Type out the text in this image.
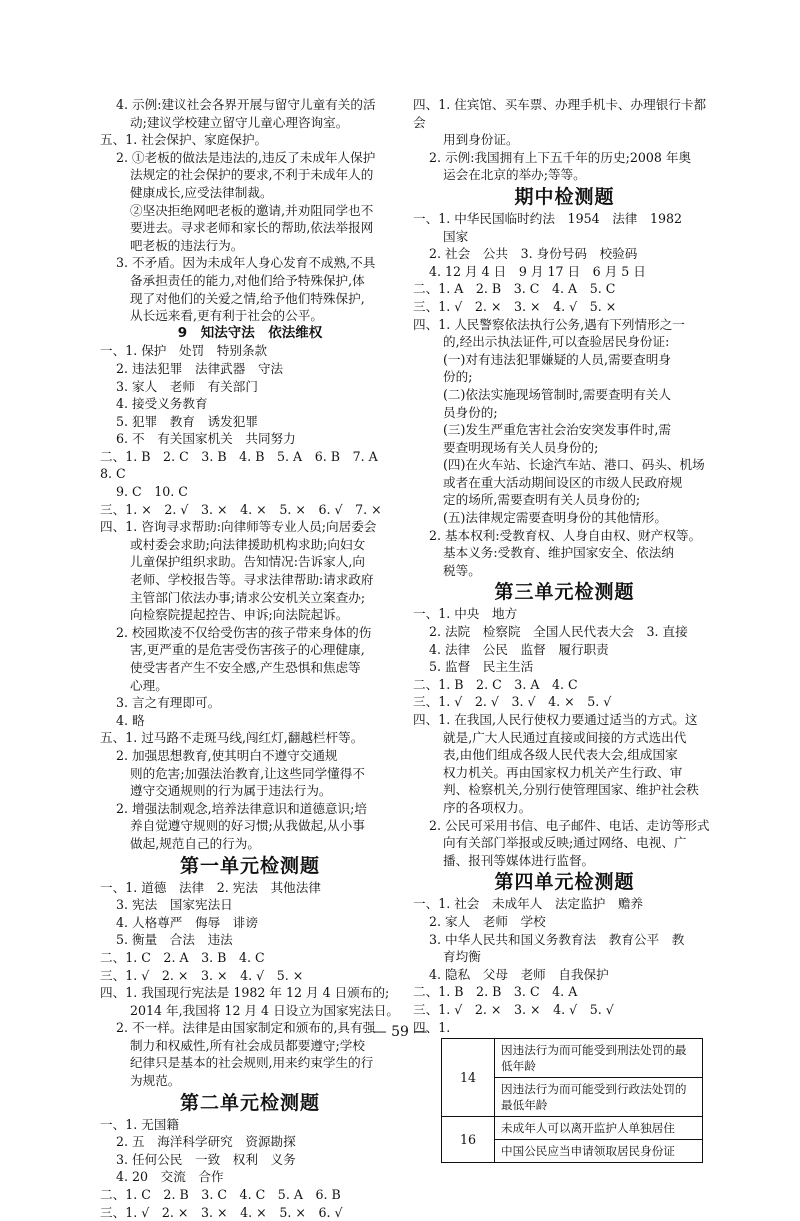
4. 示例:建议社会各界开展与留守儿童有关的活
动;建议学校建立留守儿童心理咨询室。
五、1. 社会保护、家庭保护。
2. ①老板的做法是违法的,违反了未成年人保护
法规定的社会保护的要求,不利于未成年人的
健康成长,应受法律制裁。
②坚决拒绝网吧老板的邀请,并劝阻同学也不
要进去。寻求老师和家长的帮助,依法举报网
吧老板的违法行为。
3. 不矛盾。因为未成年人身心发育不成熟,不具
备承担责任的能力,对他们给予特殊保护,体
现了对他们的关爱之情,给予他们特殊保护,
从长远来看,更有利于社会的公平。
9　知法守法　依法维权
一、1. 保护　处罚　特别条款
2. 违法犯罪　法律武器　守法
3. 家人　老师　有关部门
4. 接受义务教育
5. 犯罪　教育　诱发犯罪
6. 不　有关国家机关　共同努力
二、1. B　2. C　3. B　4. B　5. A　6. B　7. A　8. C
9. C　10. C
三、1. ×　2. √　3. ×　4. ×　5. ×　6. √　7. ×
四、1. 咨询寻求帮助:向律师等专业人员;向居委会
或村委会求助;向法律援助机构求助;向妇女
儿童保护组织求助。告知情况:告诉家人,向
老师、学校报告等。寻求法律帮助:请求政府
主管部门依法办事;请求公安机关立案查办;
向检察院提起控告、申诉;向法院起诉。
2. 校园欺凌不仅给受伤害的孩子带来身体的伤
害,更严重的是危害受伤害孩子的心理健康,
使受害者产生不安全感,产生恐惧和焦虑等
心理。
3. 言之有理即可。
4. 略
五、1. 过马路不走斑马线,闯红灯,翻越栏杆等。
2. 加强思想教育,使其明白不遵守交通规
则的危害;加强法治教育,让这些同学懂得不
遵守交通规则的行为属于违法行为。
2. 增强法制观念,培养法律意识和道德意识;培
养自觉遵守规则的好习惯;从我做起,从小事
做起,规范自己的行为。
第一单元检测题
一、1. 道德　法律　2. 宪法　其他法律
3. 宪法　国家宪法日
4. 人格尊严　侮辱　诽谤
5. 衡量　合法　违法
二、1. C　2. A　3. B　4. C
三、1. √　2. ×　3. ×　4. √　5. ×
四、1. 我国现行宪法是 1982 年 12 月 4 日颁布的;
2014 年,我国将 12 月 4 日设立为国家宪法日。
2. 不一样。法律是由国家制定和颁布的,具有强
制力和权威性,所有社会成员都要遵守;学校
纪律只是基本的社会规则,用来约束学生的行
为规范。
第二单元检测题
一、1. 无国籍
2. 五　海洋科学研究　资源勘探
3. 任何公民　一致　权利　义务
4. 20　交流　合作
二、1. C　2. B　3. C　4. C　5. A　6. B
三、1. √　2. ×　3. ×　4. ×　5. ×　6. √
四、1. 住宾馆、买车票、办理手机卡、办理银行卡都会
用到身份证。
2. 示例:我国拥有上下五千年的历史;2008 年奥
运会在北京的举办;等等。
期中检测题
一、1. 中华民国临时约法　1954　法律　1982
国家
2. 社会　公共　3. 身份号码　校验码
4. 12 月 4 日　9 月 17 日　6 月 5 日
二、1. A　2. B　3. C　4. A　5. C
三、1. √　2. ×　3. ×　4. √　5. ×
四、1. 人民警察依法执行公务,遇有下列情形之一
的,经出示执法证件,可以查验居民身份证:
(一)对有违法犯罪嫌疑的人员,需要查明身
份的;
(二)依法实施现场管制时,需要查明有关人
员身份的;
(三)发生严重危害社会治安突发事件时,需
要查明现场有关人员身份的;
(四)在火车站、长途汽车站、港口、码头、机场
或者在重大活动期间设区的市级人民政府规
定的场所,需要查明有关人员身份的;
(五)法律规定需要查明身份的其他情形。
2. 基本权利:受教育权、人身自由权、财产权等。
基本义务:受教育、维护国家安全、依法纳
税等。
第三单元检测题
一、1. 中央　地方
2. 法院　检察院　全国人民代表大会　3. 直接
4. 法律　公民　监督　履行职责
5. 监督　民主生活
二、1. B　2. C　3. A　4. C
三、1. √　2. √　3. √　4. ×　5. √
四、1. 在我国,人民行使权力要通过适当的方式。这
就是,广大人民通过直接或间接的方式选出代
表,由他们组成各级人民代表大会,组成国家
权力机关。再由国家权力机关产生行政、审
判、检察机关,分别行使管理国家、维护社会秩
序的各项权力。
2. 公民可采用书信、电子邮件、电话、走访等形式
向有关部门举报或反映;通过网络、电视、广
播、报刊等媒体进行监督。
第四单元检测题
一、1. 社会　未成年人　法定监护　赡养
2. 家人　老师　学校
3. 中华人民共和国义务教育法　教育公平　教
育均衡
4. 隐私　父母　老师　自我保护
二、1. B　2. B　3. C　4. A
三、1. √　2. ×　3. ×　4. √　5. √
四、1.
14	因违法行为而可能受到刑法处罚的最低年龄
	因违法行为而可能受到行政法处罚的最低年龄
16	未成年人可以离开监护人单独居住
	中国公民应当申请领取居民身份证
— 59 —
